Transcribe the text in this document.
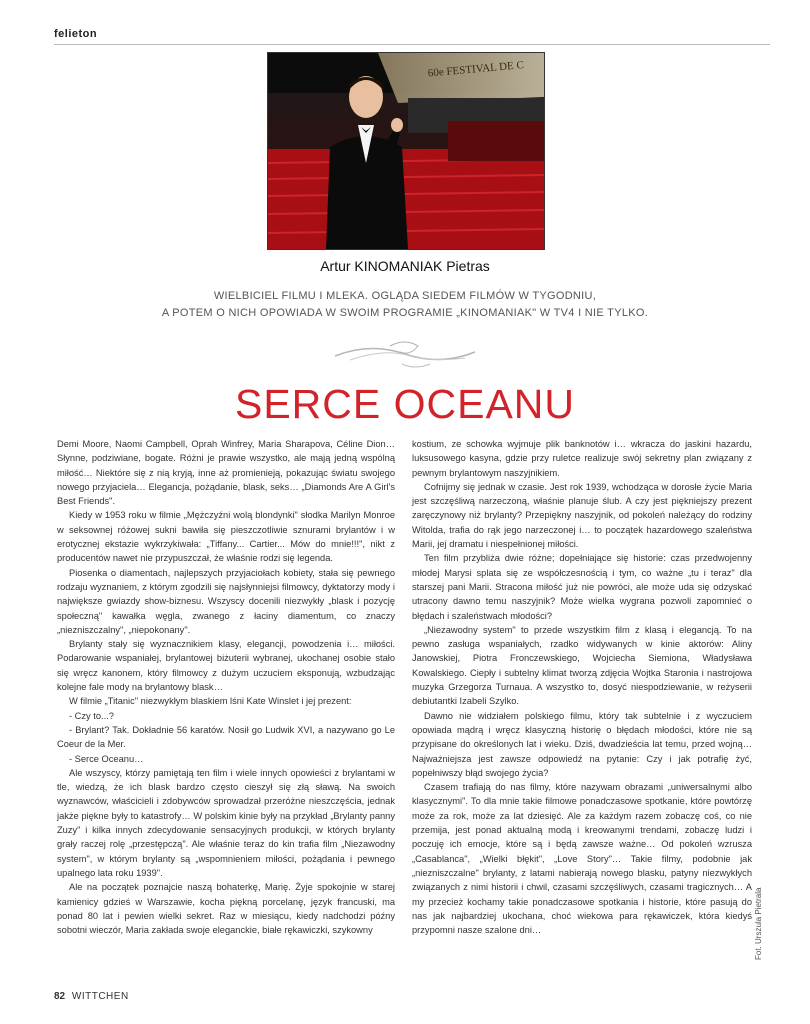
felieton
60e FESTIVAL DE C
Artur KINOMANIAK Pietras
WIELBICIEL FILMU I MLEKA. OGLĄDA SIEDEM FILMÓW W TYGODNIU,
A POTEM O NICH OPOWIADA W SWOIM PROGRAMIE „KINOMANIAK" W TV4 I NIE TYLKO.
SERCE OCEANU

Demi Moore, Naomi Campbell, Oprah Winfrey, Maria Sharapova, Céline Dion… Słynne, podziwiane, bogate. Różni je prawie wszystko, ale mają jedną wspólną miłość… Niektóre się z nią kryją, inne aż promienieją, pokazując światu swojego nowego przyjaciela… Elegancja, pożądanie, blask, seks… „Diamonds Are A Girl's Best Friends".

Kiedy w 1953 roku w filmie „Mężczyźni wolą blondynki" słodka Marilyn Monroe w seksownej różowej sukni bawiła się pieszczotliwie sznurami brylantów i w erotycznej ekstazie wykrzykiwała: „Tiffany... Cartier... Mów do mnie!!!", nikt z producentów nawet nie przypuszczał, że właśnie rodzi się legenda.

Piosenka o diamentach, najlepszych przyjaciołach kobiety, stała się pewnego rodzaju wyznaniem, z którym zgodzili się najsłynniejsi filmowcy, dyktatorzy mody i największe gwiazdy show-biznesu. Wszyscy docenili niezwykły „blask i pozycję społeczną" kawałka węgla, zwanego z łaciny diamentum, co znaczy „niezniszczalny", „niepokonany".

Brylanty stały się wyznacznikiem klasy, elegancji, powodzenia i… miłości. Podarowanie wspaniałej, brylantowej biżuterii wybranej, ukochanej osobie stało się wręcz kanonem, który filmowcy z dużym uczuciem eksponują, wzbudzając kolejne fale mody na brylantowy blask…

W filmie „Titanic" niezwykłym blaskiem lśni Kate Winslet i jej prezent:

- Czy to...?

- Brylant? Tak. Dokładnie 56 karatów. Nosił go Ludwik XVI, a nazywano go Le Coeur de la Mer.

- Serce Oceanu…

Ale wszyscy, którzy pamiętają ten film i wiele innych opowieści z brylantami w tle, wiedzą, że ich blask bardzo często cieszył się złą sławą. Na swoich wyznawców, właścicieli i zdobywców sprowadzał przeróżne nieszczęścia, jednak jakże piękne były to katastrofy… W polskim kinie były na przykład „Brylanty panny Zuzy" i kilka innych zdecydowanie sensacyjnych produkcji, w których brylanty grały raczej rolę „przestępczą". Ale właśnie teraz do kin trafia film „Niezawodny system", w którym brylanty są „wspomnieniem miłości, pożądania i pewnego upalnego lata roku 1939".

Ale na początek poznajcie naszą bohaterkę, Marię. Żyje spokojnie w starej kamienicy gdzieś w Warszawie, kocha piękną porcelanę, język francuski, ma ponad 80 lat i pewien wielki sekret. Raz w miesiącu, kiedy nadchodzi późny sobotni wieczór, Maria zakłada swoje eleganckie, białe rękawiczki, szykowny

kostium, ze schowka wyjmuje plik banknotów i… wkracza do jaskini hazardu, luksusowego kasyna, gdzie przy ruletce realizuje swój sekretny plan związany z pewnym brylantowym naszyjnikiem.

Cofnijmy się jednak w czasie. Jest rok 1939, wchodząca w dorosłe życie Maria jest szczęśliwą narzeczoną, właśnie planuje ślub. A czy jest piękniejszy prezent zaręczynowy niż brylanty? Przepiękny naszyjnik, od pokoleń należący do rodziny Witolda, trafia do rąk jego narzeczonej i… to początek hazardowego szaleństwa Marii, jej dramatu i niespełnionej miłości.

Ten film przybliża dwie różne; dopełniające się historie: czas przedwojenny młodej Marysi splata się ze współczesnością i tym, co ważne „tu i teraz" dla starszej pani Marii. Stracona miłość już nie powróci, ale może uda się odzyskać utracony dawno temu naszyjnik? Może wielka wygrana pozwoli zapomnieć o błędach i szaleństwach młodości?

„Niezawodny system" to przede wszystkim film z klasą i elegancją. To na pewno zasługa wspaniałych, rzadko widywanych w kinie aktorów: Aliny Janowskiej, Piotra Fronczewskiego, Wojciecha Siemiona, Władysława Kowalskiego. Ciepły i subtelny klimat tworzą zdjęcia Wojtka Staronia i nastrojowa muzyka Grzegorza Turnaua. A wszystko to, dosyć niespodziewanie, w reżyserii debiutantki Izabeli Szylko.

Dawno nie widziałem polskiego filmu, który tak subtelnie i z wyczuciem opowiada mądrą i wręcz klasyczną historię o błędach młodości, które nie są przypisane do określonych lat i wieku. Dziś, dwadzieścia lat temu, przed wojną… Najważniejsza jest zawsze odpowiedź na pytanie: Czy i jak potrafię żyć, popełniwszy błąd swojego życia?

Czasem trafiają do nas filmy, które nazywam obrazami „uniwersalnymi albo klasycznymi". To dla mnie takie filmowe ponadczasowe spotkanie, które powtórzę może za rok, może za lat dziesięć. Ale za każdym razem zobaczę coś, co nie przemija, jest ponad aktualną modą i kreowanymi trendami, zobaczę ludzi i poczuję ich emocje, które są i będą zawsze ważne… Od pokoleń wzrusza „Casablanca", „Wielki błękit", „Love Story"… Takie filmy, podobnie jak „niezniszczalne" brylanty, z latami nabierają nowego blasku, patyny niezwykłych związanych z nimi historii i chwil, czasami szczęśliwych, czasami tragicznych… A my przecież kochamy takie ponadczasowe spotkania i historie, które pasują do nas jak najbardziej ukochana, choć wiekowa para rękawiczek, która kiedyś przypomni nasze szalone dni…	Fot. Urszula Pietrala
82 WITTCHEN
